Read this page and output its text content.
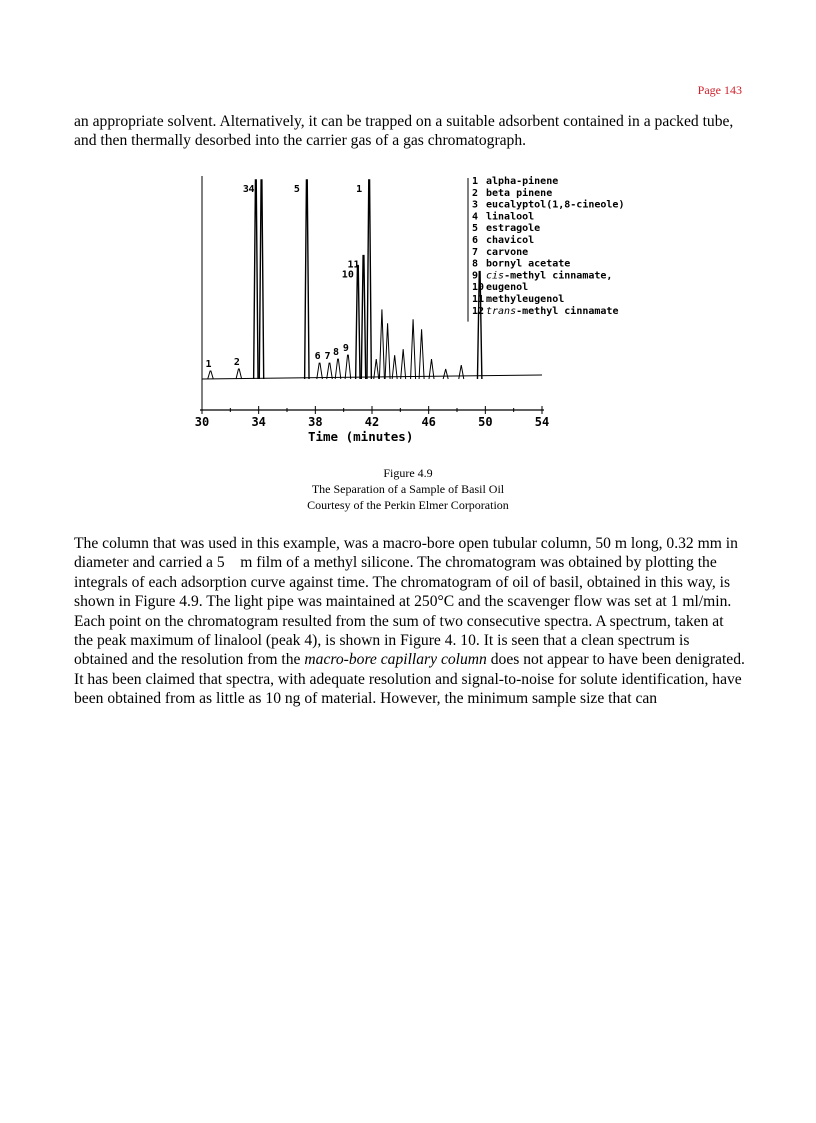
Page 143

an appropriate solvent. Alternatively, it can be trapped on a suitable adsorbent contained in a packed tube, and then thermally desorbed into the carrier gas of a gas chromatograph.

30	34	38	42	46	50	54
Time (minutes)
1 2
3 4	5
6 7 8 9
10
11
1
1 alpha-pinene
2 beta pinene
3 eucalyptol(1,8-cineole)
4 linalool
5 estragole
6 chavicol
7 carvone
8 bornyl acetate
9 cis-methyl cinnamate,
10 eugenol
11 methyleugenol
12 trans-methyl cinnamate
Figure 4.9
The Separation of a Sample of Basil Oil
Courtesy of the Perkin Elmer Corporation

The column that was used in this example, was a macro-bore open tubular column, 50 m long, 0.32 mm in diameter and carried a 5 m film of a methyl silicone. The chromatogram was obtained by plotting the integrals of each adsorption curve against time. The chromatogram of oil of basil, obtained in this way, is shown in Figure 4.9. The light pipe was maintained at 250°C and the scavenger flow was set at 1 ml/min. Each point on the chromatogram resulted from the sum of two consecutive spectra. A spectrum, taken at the peak maximum of linalool (peak 4), is shown in Figure 4. 10. It is seen that a clean spectrum is obtained and the resolution from the macro-bore capillary column does not appear to have been denigrated. It has been claimed that spectra, with adequate resolution and signal-to-noise for solute identification, have been obtained from as little as 10 ng of material. However, the minimum sample size that can
